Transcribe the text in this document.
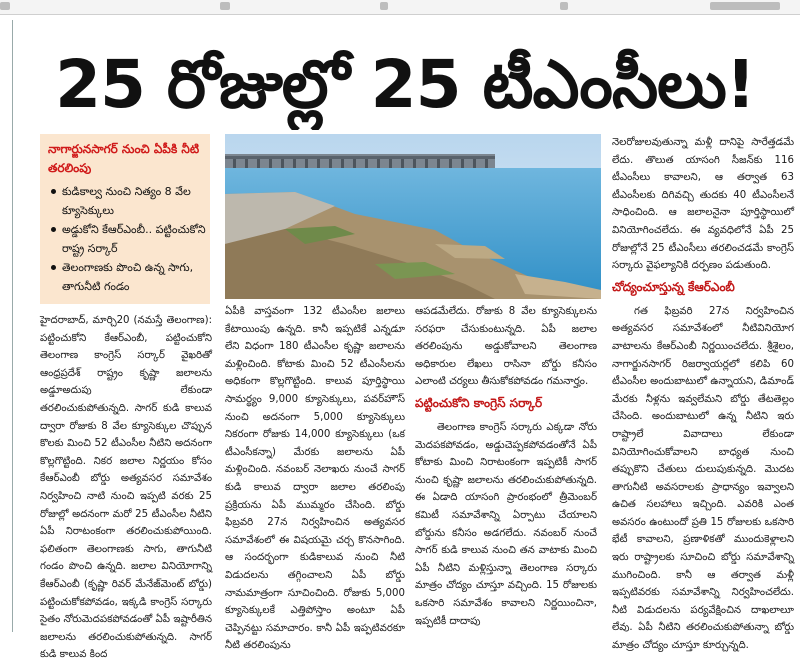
25 రోజుల్లో 25 టీఎంసీలు!
నాగార్జునసాగర్ నుంచి ఏపీకి నీటి తరలింపు
కుడికాల్వ నుంచి నిత్యం 8 వేల క్యూసెక్కులు
అడ్డుకోని కేఆర్ఎంబీ.. పట్టించుకోని రాష్ట్ర సర్కార్
తెలంగాణకు పొంచి ఉన్న సాగు, తాగునీటి గండం

హైదరాబాద్, మార్చి20 (నమస్తే తెలంగాణ): పట్టించుకోని కేఆర్ఎంబీ, పట్టించుకోని తెలంగాణ కాంగ్రెస్ సర్కార్ వైఖరితో ఆంధ్రప్రదేశ్ రాష్ట్రం కృష్ణా జలాలను అడ్డూఅదుపు లేకుండా తరలించుకుపోతున్నది. సాగర్ కుడి కాలువ ద్వారా రోజుకు 8 వేల క్యూసెక్కుల చొప్పున కొలకు మించి 52 టీఎంసీల నీటిని అదనంగా కొల్లగొట్టింది. నికర జలాల నిర్ణయం కోసం కేఆర్ఎంబీ బోర్డు అత్యవసర సమావేశం నిర్వహించి నాటి నుంచి ఇప్పటి వరకు 25 రోజుల్లో అదనంగా మరో 25 టీఎంసీల నీటిని ఏపీ నిరాటంకంగా తరలించుకుపోయింది. ఫలితంగా తెలంగాణకు సాగు, తాగునీటి గండం పొంచి ఉన్నది. జలాల వినియోగాన్ని కేఆర్ఎంబీ (కృష్ణా రివర్ మేనేజ్‌మెంట్ బోర్డు) పట్టించుకోకపోవడం, ఇక్కడి కాంగ్రెస్ సర్కారు సైతం నోరుమెదపకపోవడంతో ఏపీ ఇష్టారీతిన జలాలను తరలించుకుపోతున్నది. సాగర్ కుడి కాలువ కింద

ఏపీకి వాస్తవంగా 132 టీఎంసీల జలాలు కేటాయింపు ఉన్నది. కానీ ఇప్పటికే ఎన్నడూ లేని విధంగా 180 టీఎంసీల కృష్ణా జలాలను మళ్లించింది. కోటాకు మించి 52 టీఎంసీలను అధికంగా కొల్లగొట్టింది. కాలువ పూర్తిస్థాయి సామర్థ్యం 9,000 క్యూసెక్కులు, పవర్‌హౌస్ నుంచి అదనంగా 5,000 క్యూసెక్కులు నికరంగా రోజుకు 14,000 క్యూసెక్కులు (ఒక టీఎంసీకన్నా) మేరకు జలాలను ఏపీ మళ్లించింది. నవంబర్ నెలాఖరు నుంచే సాగర్ కుడి కాలువ ద్వారా జలాల తరలింపు ప్రక్రియను ఏపీ ముమ్మరం చేసింది. బోర్డు ఫిబ్రవరి 27న నిర్వహించిన అత్యవసర సమావేశంలో ఈ విషయమై చర్చ కొనసాగింది. ఆ సందర్భంగా కుడికాలువ నుంచి నీటి విడుదలను తగ్గించాలని ఏపీ బోర్డు నామమాత్రంగా సూచించింది. రోజుకు 5,000 క్యూసెక్కులకే ఎత్తిపోస్తాం అంటూ ఏపీ చెప్పినట్టు సమాచారం. కానీ ఏపీ ఇప్పటివరకూ నీటి తరలింపును

ఆపడమేలేదు. రోజుకు 8 వేల క్యూసెక్కులను సరఫరా చేసుకుంటున్నది. ఏపీ జలాల తరలింపును అడ్డుకోవాలని తెలంగాణ అధికారుల లేఖలు రాసినా బోర్డు కనీసం ఎలాంటి చర్యలు తీసుకోకపోవడం గమనార్హం.

పట్టించుకోని కాంగ్రెస్ సర్కార్

తెలంగాణ కాంగ్రెస్ సర్కారు ఎక్కడా నోరు మెదపకపోవడం, అడ్డుచెప్పకపోవడంతోనే ఏపీ కోటాకు మించి నిరాటంకంగా ఇప్పటికీ సాగర్ నుంచి కృష్ణా జలాలను తరలించుకుపోతున్నది. ఈ ఏడాది యాసంగి ప్రారంభంలో త్రీమెంబర్ కమిటీ సమావేశాన్ని ఏర్పాటు చేయాలని బోర్డును కనీసం అడగలేదు. నవంబర్ నుంచే సాగర్ కుడి కాలువ నుంచి తన వాటాకు మించి ఏపీ నీటిని మళ్లిస్తున్నా తెలంగాణ సర్కారు మాత్రం చోద్యం చూస్తూ వచ్చింది. 15 రోజులకు ఒకసారి సమావేశం కావాలని నిర్ణయించినా, ఇప్పటికీ దాదాపు

నెలరోజులవుతున్నా మళ్లీ దానిపై సారేత్తడమే లేదు. తొలుత యాసంగి సీజన్‌కు 116 టీఎంసీలు కావాలని, ఆ తర్వాత 63 టీఎంసీలకు దిగివచ్చి తుదకు 40 టీఎంసీలనే సాధించింది. ఆ జలాలనైనా పూర్తిస్థాయిలో వినియోగించలేదు. ఈ వ్యవధిలోనే ఏపీ 25 రోజుల్లోనే 25 టీఎంసీలు తరలించడమే కాంగ్రెస్ సర్కారు వైఫల్యానికి దర్పణం పడుతుంది.

చోద్యంచూస్తున్న కేఆర్ఎంబీ

గత ఫిబ్రవరి 27న నిర్వహించిన అత్యవసర సమావేశంలో నీటివినియోగ వాటాలను కేఆర్ఎంబీ నిర్ణయించలేదు. శ్రీశైలం, నాగార్జునసాగర్ రిజర్వాయర్లలో కలిపి 60 టీఎంసీల అందుబాటులో ఉన్నాయని, డిమాండ్ మేరకు నీళ్లను ఇవ్వలేమని బోర్డు తేటతెల్లం చేసింది. అందుబాటులో ఉన్న నీటిని ఇరు రాష్ట్రాలే వివాదాలు లేకుండా వినియోగించుకోవాలని బాధ్యత నుంచి తప్పుకొని చేతులు దులుపుకున్నది. మొదట తాగునీటి అవసరాలకు ప్రాధాన్యం ఇవ్వాలని ఉచిత సలహాలు ఇచ్చింది. ఎవరికి ఎంత అవసరం ఉంటుందో ప్రతి 15 రోజులకు ఒకసారి భేటీ కావాలని, ప్రణాళికతో ముందుకెళ్లాలని ఇరు రాష్ట్రాలకు సూచించి బోర్డు సమావేశాన్ని ముగించింది. కానీ ఆ తర్వాత మళ్లీ ఇప్పటివరకు సమావేశాన్ని నిర్వహించలేదు. నీటి విడుదలను పర్యవేక్షించిన దాఖలాలూ లేవు. ఏపీ నీటిని తరలించుకుపోతున్నా బోర్డు మాత్రం చోద్యం చూస్తూ కూర్చున్నది.
